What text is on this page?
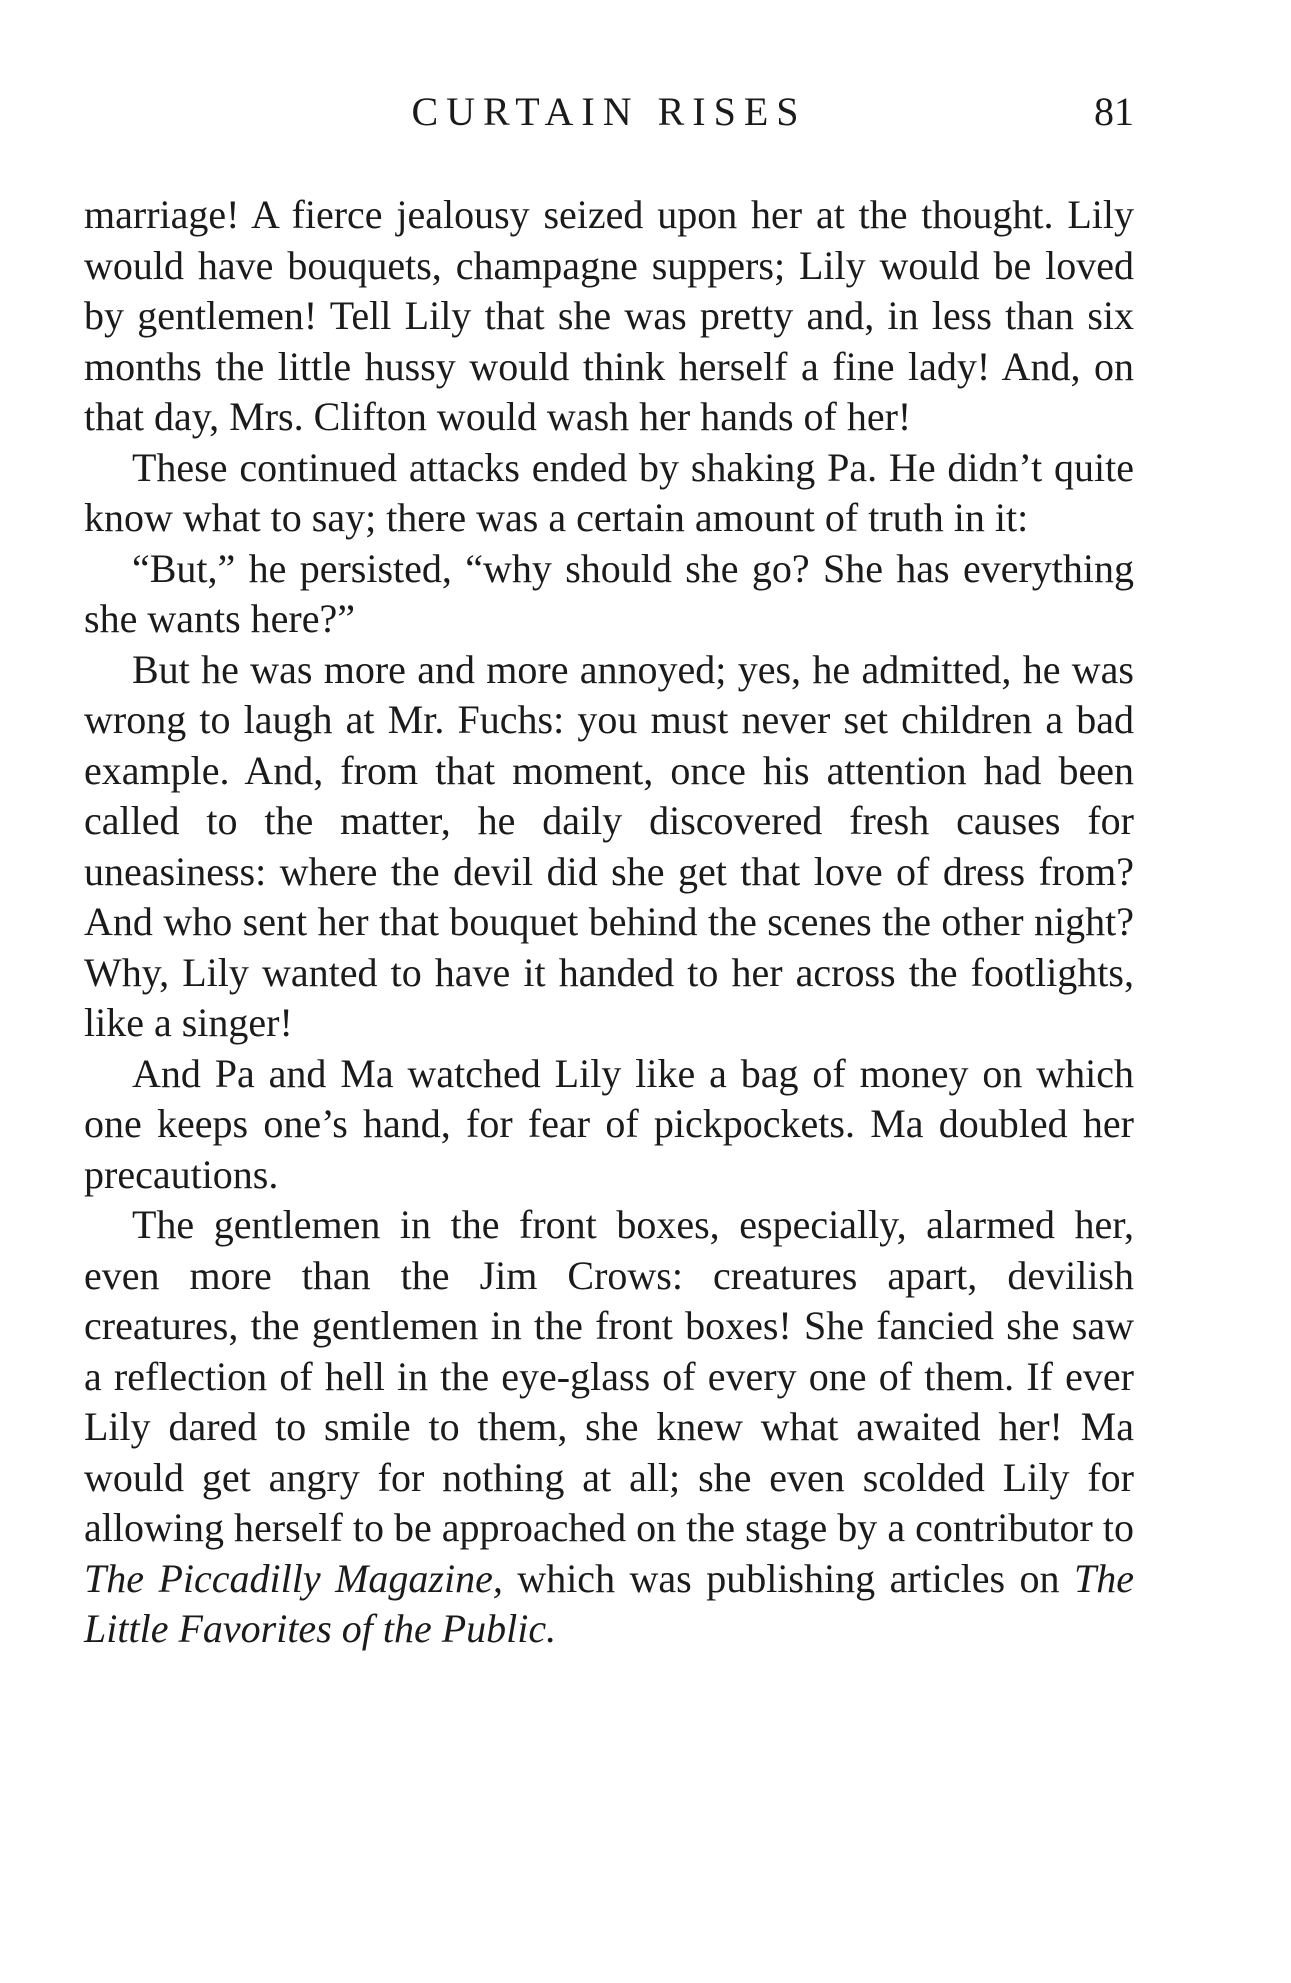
CURTAIN RISES	81

marriage! A fierce jealousy seized upon her at the thought. Lily would have bouquets, champagne suppers; Lily would be loved by gentlemen! Tell Lily that she was pretty and, in less than six months the little hussy would think herself a fine lady! And, on that day, Mrs. Clifton would wash her hands of her!

These continued attacks ended by shaking Pa. He didn’t quite know what to say; there was a certain amount of truth in it:

“But,” he persisted, “why should she go? She has everything she wants here?”

But he was more and more annoyed; yes, he admitted, he was wrong to laugh at Mr. Fuchs: you must never set children a bad example. And, from that moment, once his attention had been called to the matter, he daily discovered fresh causes for uneasiness: where the devil did she get that love of dress from? And who sent her that bouquet behind the scenes the other night? Why, Lily wanted to have it handed to her across the footlights, like a singer!

And Pa and Ma watched Lily like a bag of money on which one keeps one’s hand, for fear of pickpockets. Ma doubled her precautions.

The gentlemen in the front boxes, especially, alarmed her, even more than the Jim Crows: creatures apart, devilish creatures, the gentlemen in the front boxes! She fancied she saw a reflection of hell in the eye-glass of every one of them. If ever Lily dared to smile to them, she knew what awaited her! Ma would get angry for nothing at all; she even scolded Lily for allowing herself to be approached on the stage by a contributor to The Piccadilly Magazine, which was publishing articles on The Little Favorites of the Public.
